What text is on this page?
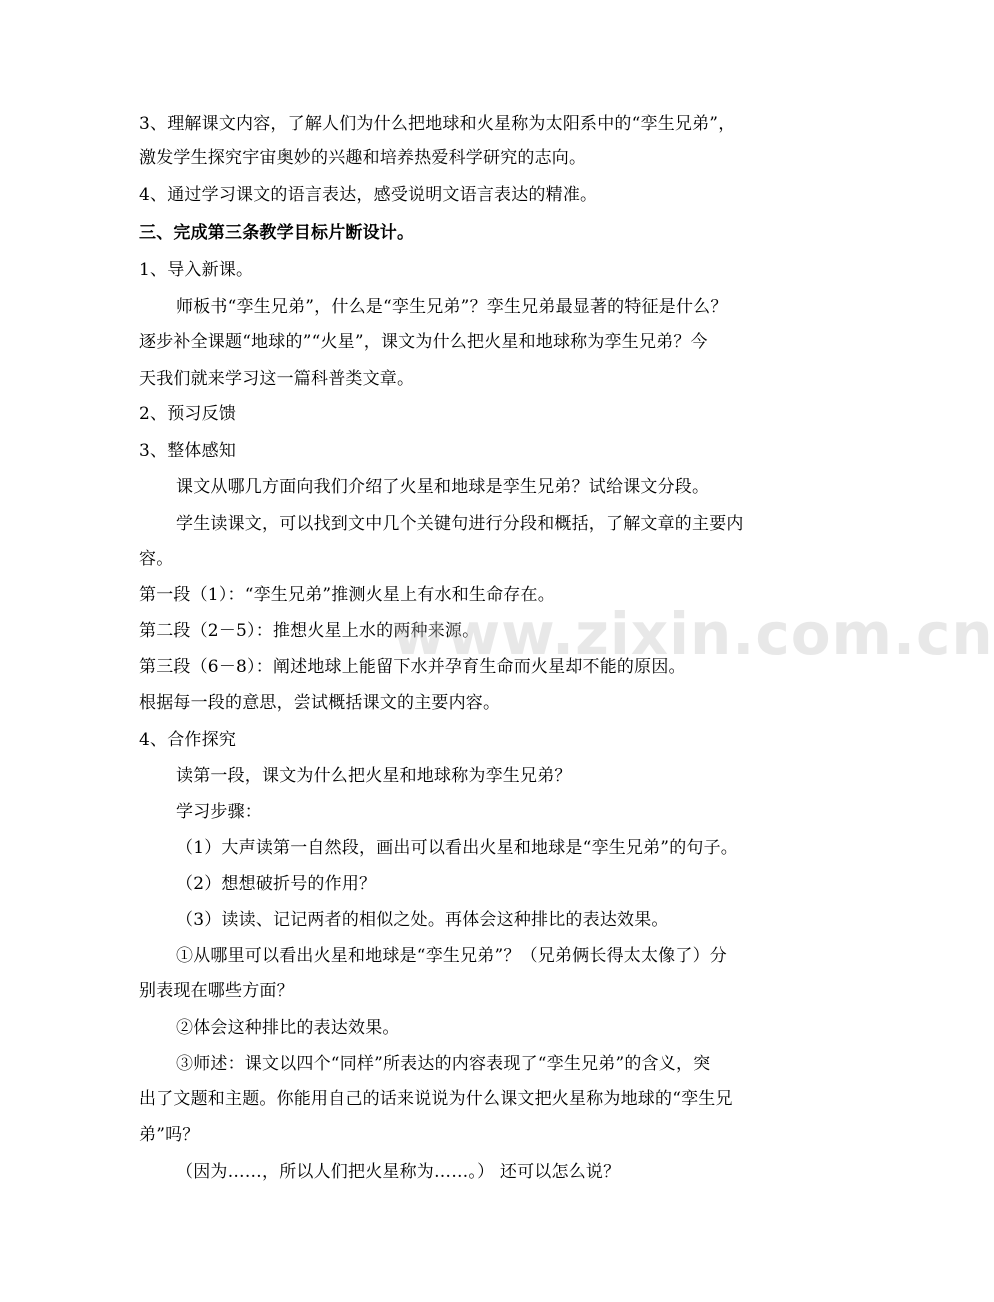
3、理解课文内容，了解人们为什么把地球和火星称为太阳系中的“孪生兄弟”，
激发学生探究宇宙奥妙的兴趣和培养热爱科学研究的志向。
4、通过学习课文的语言表达，感受说明文语言表达的精准。
三、完成第三条教学目标片断设计。
1、导入新课。
师板书“孪生兄弟”，什么是“孪生兄弟”？孪生兄弟最显著的特征是什么？
逐步补全课题“地球的”“火星”，课文为什么把火星和地球称为孪生兄弟？今
天我们就来学习这一篇科普类文章。
2、预习反馈
3、整体感知
课文从哪几方面向我们介绍了火星和地球是孪生兄弟？试给课文分段。
学生读课文，可以找到文中几个关键句进行分段和概括，了解文章的主要内
容。
第一段（1）：“孪生兄弟”推测火星上有水和生命存在。
第二段（2－5）：推想火星上水的两种来源。
第三段（6－8）：阐述地球上能留下水并孕育生命而火星却不能的原因。
根据每一段的意思，尝试概括课文的主要内容。
4、合作探究
读第一段，课文为什么把火星和地球称为孪生兄弟？
学习步骤：
（1）大声读第一自然段，画出可以看出火星和地球是“孪生兄弟”的句子。
（2）想想破折号的作用？
（3）读读、记记两者的相似之处。再体会这种排比的表达效果。
①从哪里可以看出火星和地球是“孪生兄弟”？（兄弟俩长得太太像了）分
别表现在哪些方面？
②体会这种排比的表达效果。
③师述：课文以四个“同样”所表达的内容表现了“孪生兄弟”的含义，突
出了文题和主题。你能用自己的话来说说为什么课文把火星称为地球的“孪生兄
弟”吗？
（因为……，所以人们把火星称为……。） 还可以怎么说？
www.zixin.com.cn
